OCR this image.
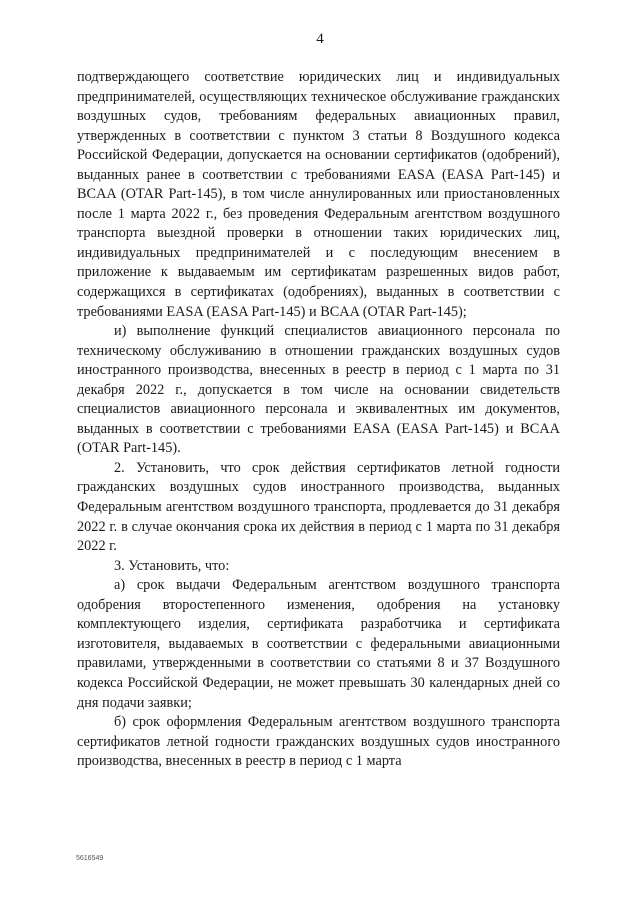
4

подтверждающего соответствие юридических лиц и индивидуальных предпринимателей, осуществляющих техническое обслуживание гражданских воздушных судов, требованиям федеральных авиационных правил, утвержденных в соответствии с пунктом 3 статьи 8 Воздушного кодекса Российской Федерации, допускается на основании сертификатов (одобрений), выданных ранее в соответствии с требованиями EASA (EASA Part-145) и BCAA (OTAR Part-145), в том числе аннулированных или приостановленных после 1 марта 2022 г., без проведения Федеральным агентством воздушного транспорта выездной проверки в отношении таких юридических лиц, индивидуальных предпринимателей и с последующим внесением в приложение к выдаваемым им сертификатам разрешенных видов работ, содержащихся в сертификатах (одобрениях), выданных в соответствии с требованиями EASA (EASA Part-145) и BCAA (OTAR Part-145);

и) выполнение функций специалистов авиационного персонала по техническому обслуживанию в отношении гражданских воздушных судов иностранного производства, внесенных в реестр в период с 1 марта по 31 декабря 2022 г., допускается в том числе на основании свидетельств специалистов авиационного персонала и эквивалентных им документов, выданных в соответствии с требованиями EASA (EASA Part-145) и BCAA (OTAR Part-145).

2. Установить, что срок действия сертификатов летной годности гражданских воздушных судов иностранного производства, выданных Федеральным агентством воздушного транспорта, продлевается до 31 декабря 2022 г. в случае окончания срока их действия в период с 1 марта по 31 декабря 2022 г.

3. Установить, что:

а) срок выдачи Федеральным агентством воздушного транспорта одобрения второстепенного изменения, одобрения на установку комплектующего изделия, сертификата разработчика и сертификата изготовителя, выдаваемых в соответствии с федеральными авиационными правилами, утвержденными в соответствии со статьями 8 и 37 Воздушного кодекса Российской Федерации, не может превышать 30 календарных дней со дня подачи заявки;

б) срок оформления Федеральным агентством воздушного транспорта сертификатов летной годности гражданских воздушных судов иностранного производства, внесенных в реестр в период с 1 марта

5616549
